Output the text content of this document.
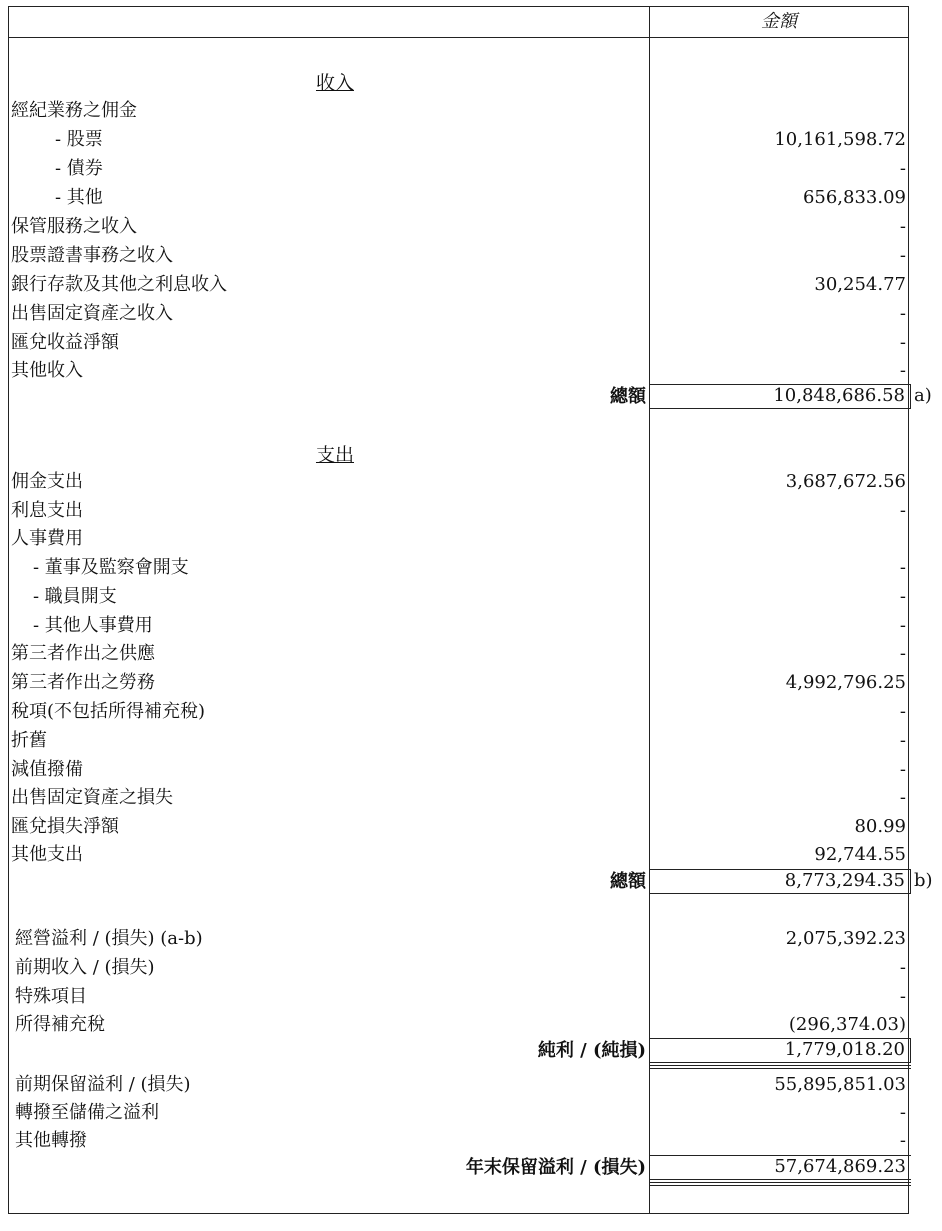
金額
收入
經紀業務之佣金
- 股票	10,161,598.72
- 債券	-
- 其他	656,833.09
保管服務之收入	-
股票證書事務之收入	-
銀行存款及其他之利息收入	30,254.77
出售固定資產之收入	-
匯兌收益淨額	-
其他收入	-
總額	10,848,686.58 a)
支出
佣金支出	3,687,672.56
利息支出	-
人事費用
- 董事及監察會開支	-
- 職員開支	-
- 其他人事費用	-
第三者作出之供應	-
第三者作出之勞務	4,992,796.25
稅項(不包括所得補充稅)	-
折舊	-
減值撥備	-
出售固定資產之損失	-
匯兌損失淨額	80.99
其他支出	92,744.55
總額	8,773,294.35 b)
經營溢利 / (損失) (a-b)	2,075,392.23
前期收入 / (損失)	-
特殊項目	-
所得補充稅	(296,374.03)
純利 / (純損)	1,779,018.20
前期保留溢利 / (損失)	55,895,851.03
轉撥至儲備之溢利	-
其他轉撥	-
年末保留溢利 / (損失)	57,674,869.23
